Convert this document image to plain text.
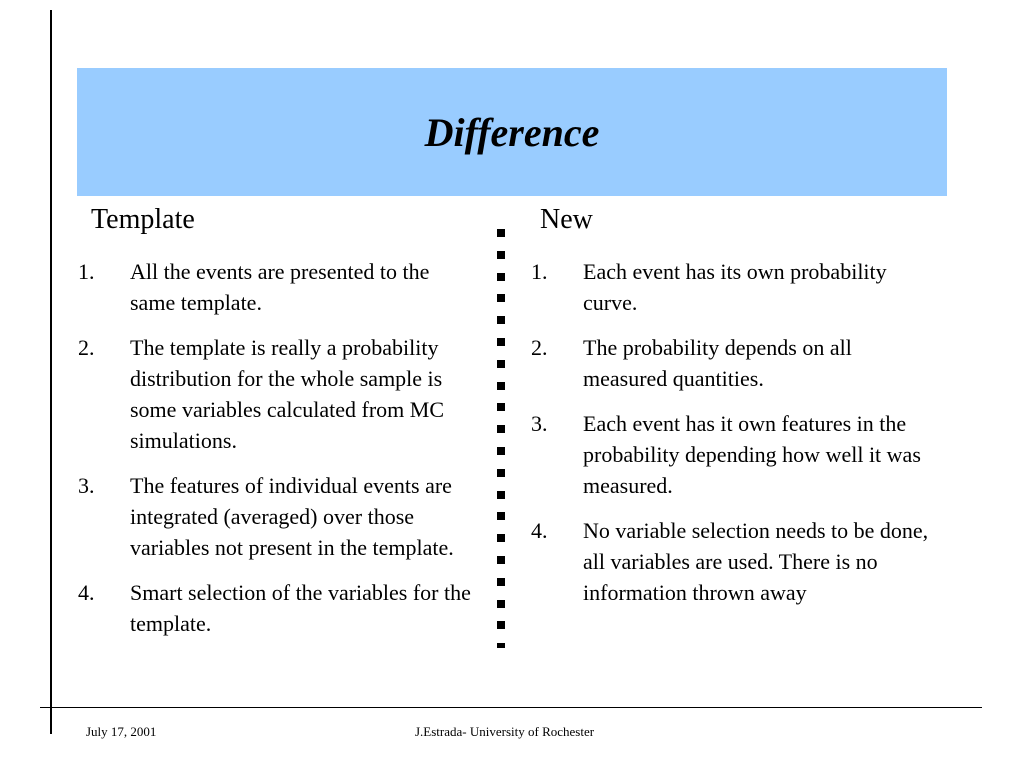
Difference
Template	New
1. All the events are presented to the same template.
2. The template is really a probability distribution for the whole sample is some variables calculated from MC simulations.
3. The features of individual events are integrated (averaged) over those variables not present in the template.
4. Smart selection of the variables for the template.
1. Each event has its own probability curve.
2. The probability depends on all measured quantities.
3. Each event has it own features in the probability depending how well it was measured.
4. No variable selection needs to be done, all variables are used. There is no information thrown away
July 17, 2001	J.Estrada- University of Rochester
